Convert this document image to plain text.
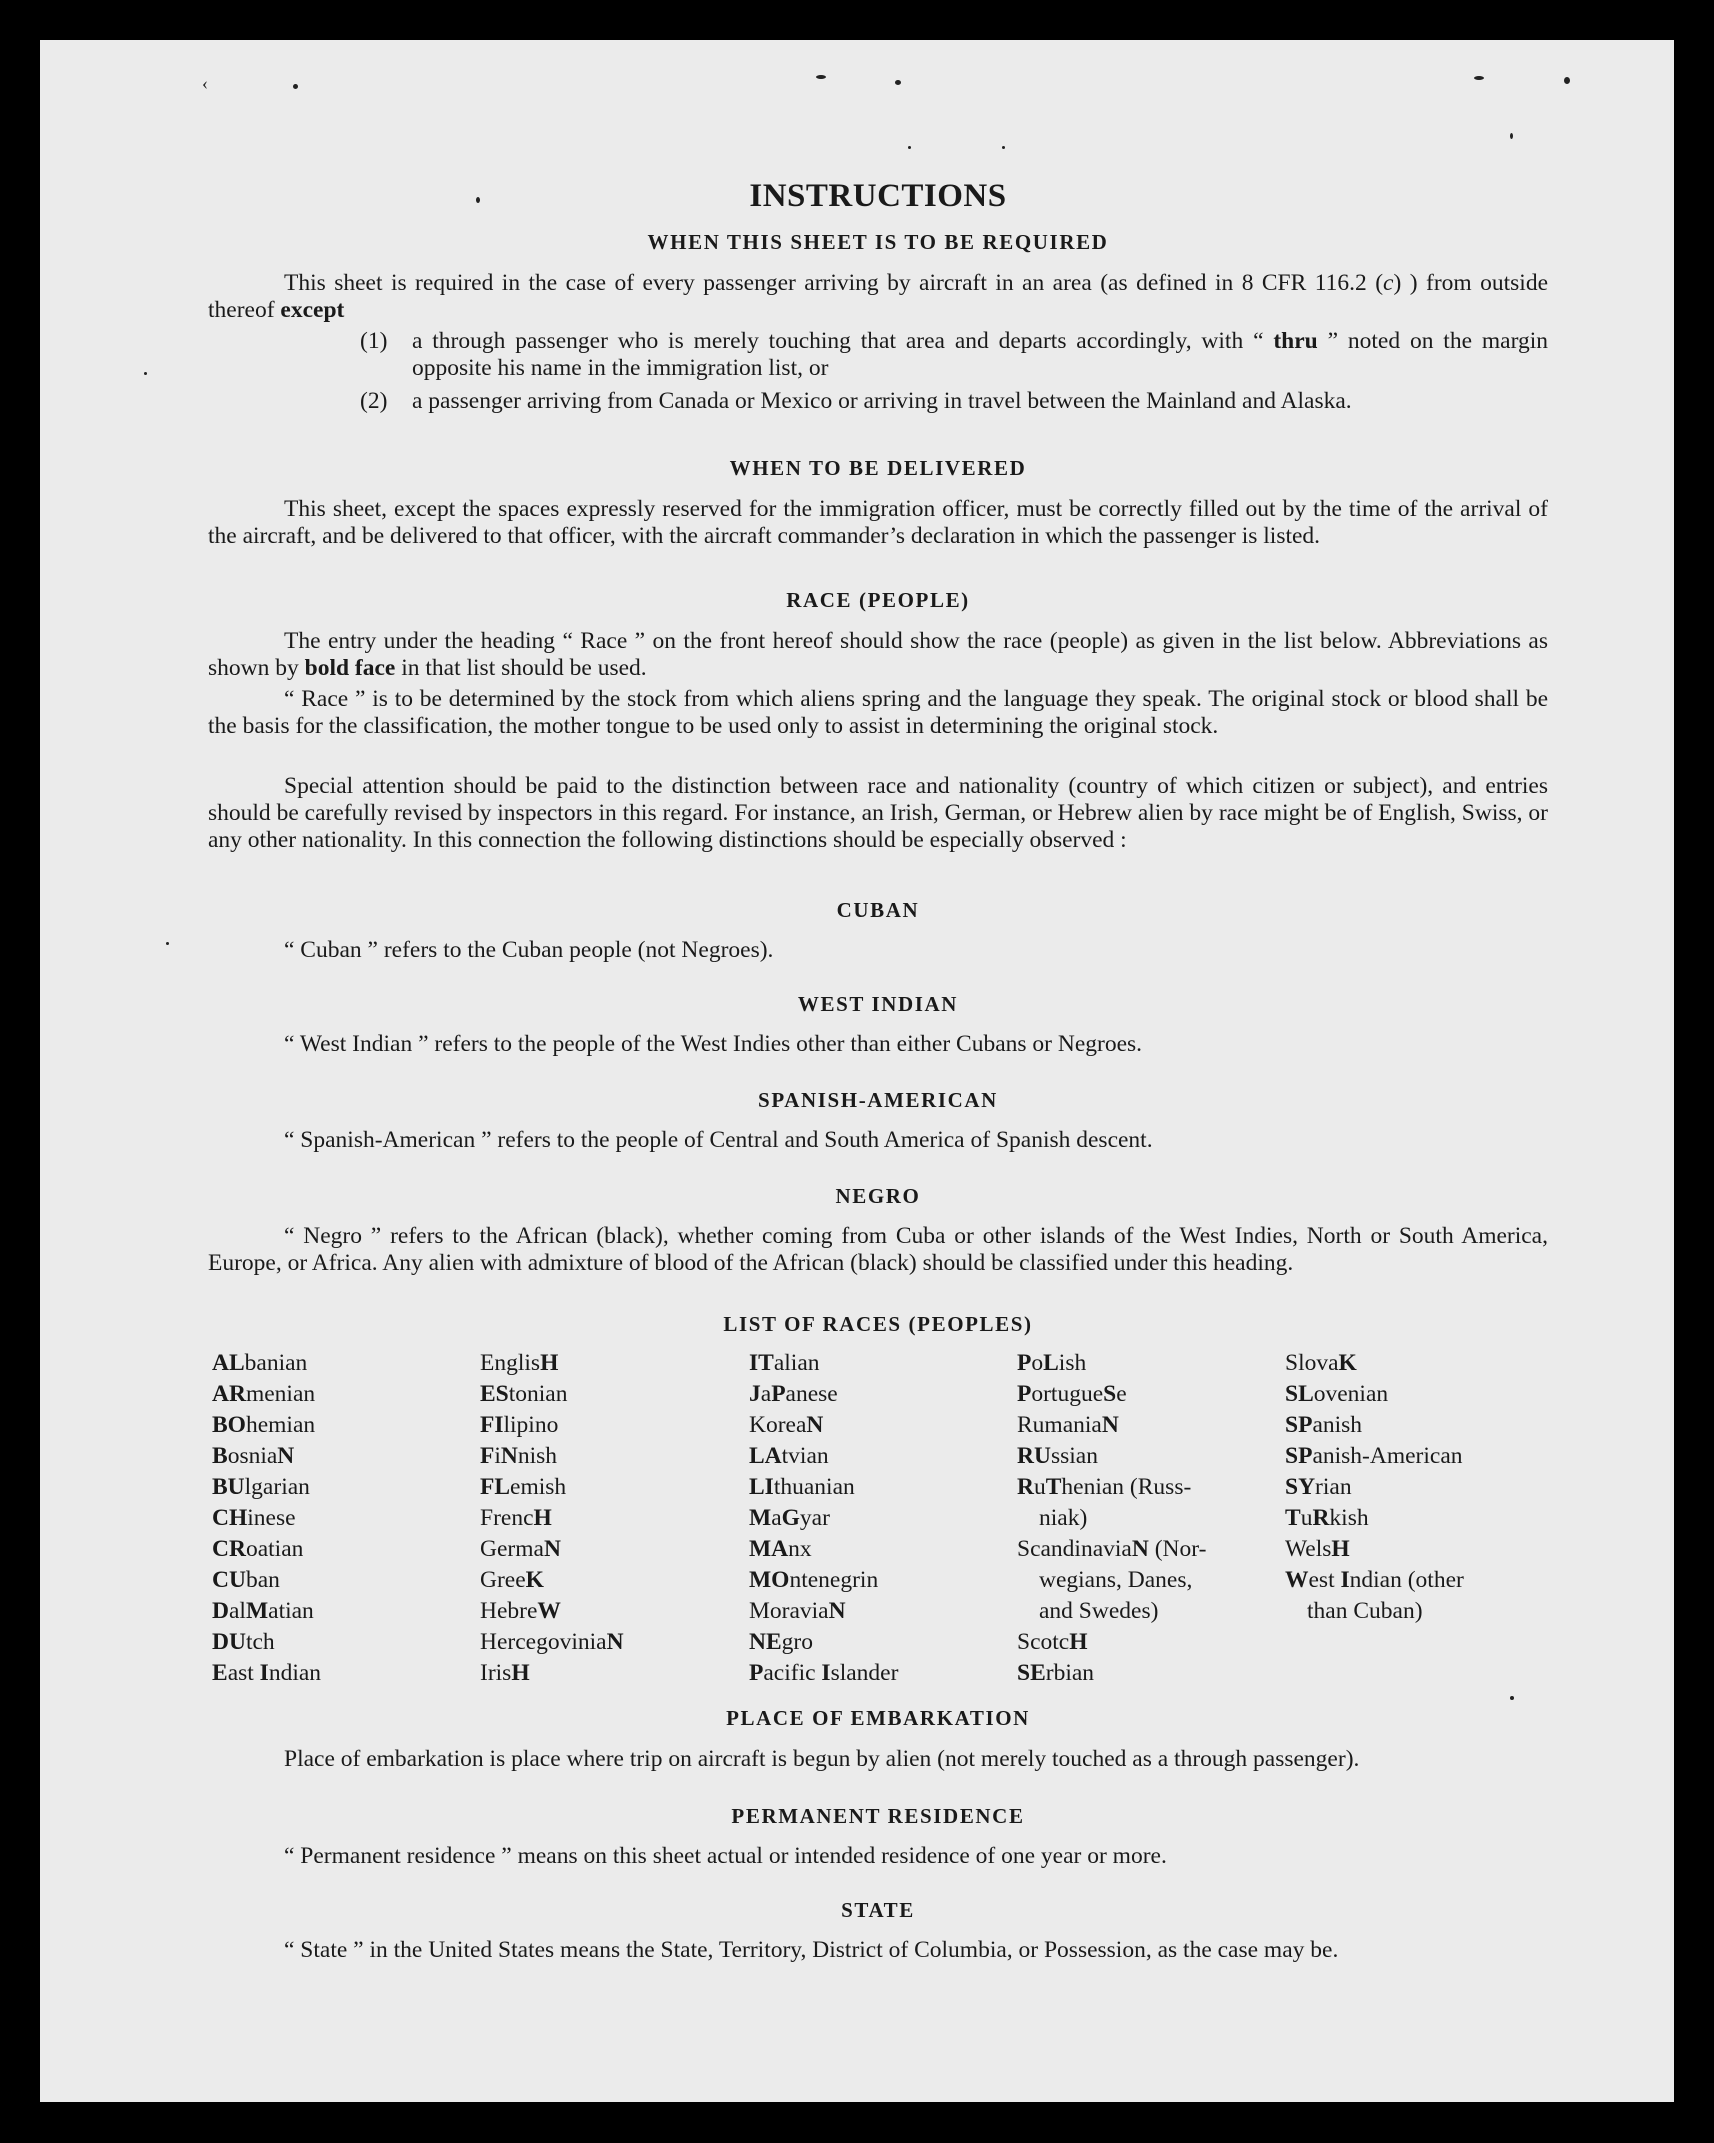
‹
INSTRUCTIONS
WHEN THIS SHEET IS TO BE REQUIRED

This sheet is required in the case of every passenger arriving by aircraft in an area (as defined in 8 CFR 116.2 (c) ) from outside thereof except

(1)	a through passenger who is merely touching that area and departs accordingly, with “ thru ” noted on the margin opposite his name in the immigration list, or
(2)	a passenger arriving from Canada or Mexico or arriving in travel between the Mainland and Alaska.
WHEN TO BE DELIVERED

This sheet, except the spaces expressly reserved for the immigration officer, must be correctly filled out by the time of the arrival of the aircraft, and be delivered to that officer, with the aircraft commander’s declaration in which the passenger is listed.

RACE (PEOPLE)

The entry under the heading “ Race ” on the front hereof should show the race (people) as given in the list below. Abbreviations as shown by bold face in that list should be used.

“ Race ” is to be determined by the stock from which aliens spring and the language they speak. The original stock or blood shall be the basis for the classification, the mother tongue to be used only to assist in determining the original stock.

Special attention should be paid to the distinction between race and nationality (country of which citizen or subject), and entries should be carefully revised by inspectors in this regard. For instance, an Irish, German, or Hebrew alien by race might be of English, Swiss, or any other nationality. In this connection the following distinctions should be especially observed :

CUBAN

“ Cuban ” refers to the Cuban people (not Negroes).

WEST INDIAN

“ West Indian ” refers to the people of the West Indies other than either Cubans or Negroes.

SPANISH-AMERICAN

“ Spanish-American ” refers to the people of Central and South America of Spanish descent.

NEGRO

“ Negro ” refers to the African (black), whether coming from Cuba or other islands of the West Indies, North or South America, Europe, or Africa. Any alien with admixture of blood of the African (black) should be classified under this heading.

LIST OF RACES (PEOPLES)
ALbanian
ARmenian
BOhemian
BosniaN
BUlgarian
CHinese
CRoatian
CUban
DalMatian
DUtch
East Indian
EnglisH
EStonian
FIlipino
FiNnish
FLemish
FrencH
GermaN
GreeK
HebreW
HercegoviniaN
IrisH
ITalian
JaPanese
KoreaN
LAtvian
LIthuanian
MaGyar
MAnx
MOntenegrin
MoraviaN
NEgro
Pacific Islander
PoLish
PortugueSe
RumaniaN
RUssian
RuThenian (Russ-
niak)
ScandinaviaN (Nor-
wegians, Danes,
and Swedes)
ScotcH
SErbian
SlovaK
SLovenian
SPanish
SPanish-American
SYrian
TuRkish
WelsH
West Indian (other
than Cuban)
PLACE OF EMBARKATION

Place of embarkation is place where trip on aircraft is begun by alien (not merely touched as a through passenger).

PERMANENT RESIDENCE

“ Permanent residence ” means on this sheet actual or intended residence of one year or more.

STATE

“ State ” in the United States means the State, Territory, District of Columbia, or Possession, as the case may be.
